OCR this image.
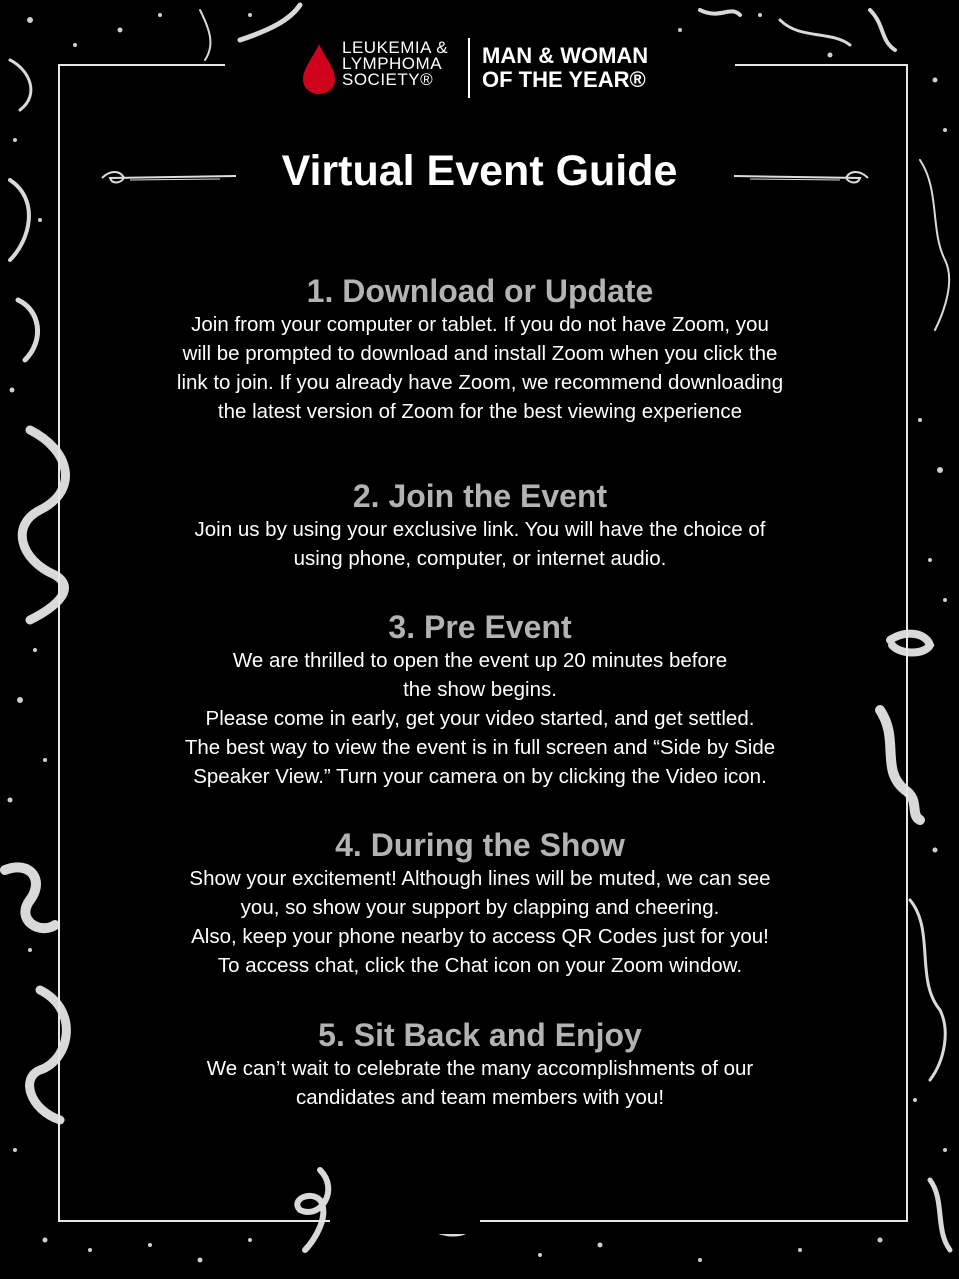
LEUKEMIA &
LYMPHOMA
SOCIETY®
MAN & WOMAN
OF THE YEAR®
Virtual Event Guide
1. Download or Update

Join from your computer or tablet. If you do not have Zoom, you
will be prompted to download and install Zoom when you click the
link to join. If you already have Zoom, we recommend downloading
the latest version of Zoom for the best viewing experience

2. Join the Event

Join us by using your exclusive link. You will have the choice of
using phone, computer, or internet audio.

3. Pre Event

We are thrilled to open the event up 20 minutes before
the show begins.
Please come in early, get your video started, and get settled.
The best way to view the event is in full screen and “Side by Side
Speaker View.” Turn your camera on by clicking the Video icon.

4. During the Show

Show your excitement! Although lines will be muted, we can see
you, so show your support by clapping and cheering.
Also, keep your phone nearby to access QR Codes just for you!
To access chat, click the Chat icon on your Zoom window.

5. Sit Back and Enjoy

We can’t wait to celebrate the many accomplishments of our
candidates and team members with you!
